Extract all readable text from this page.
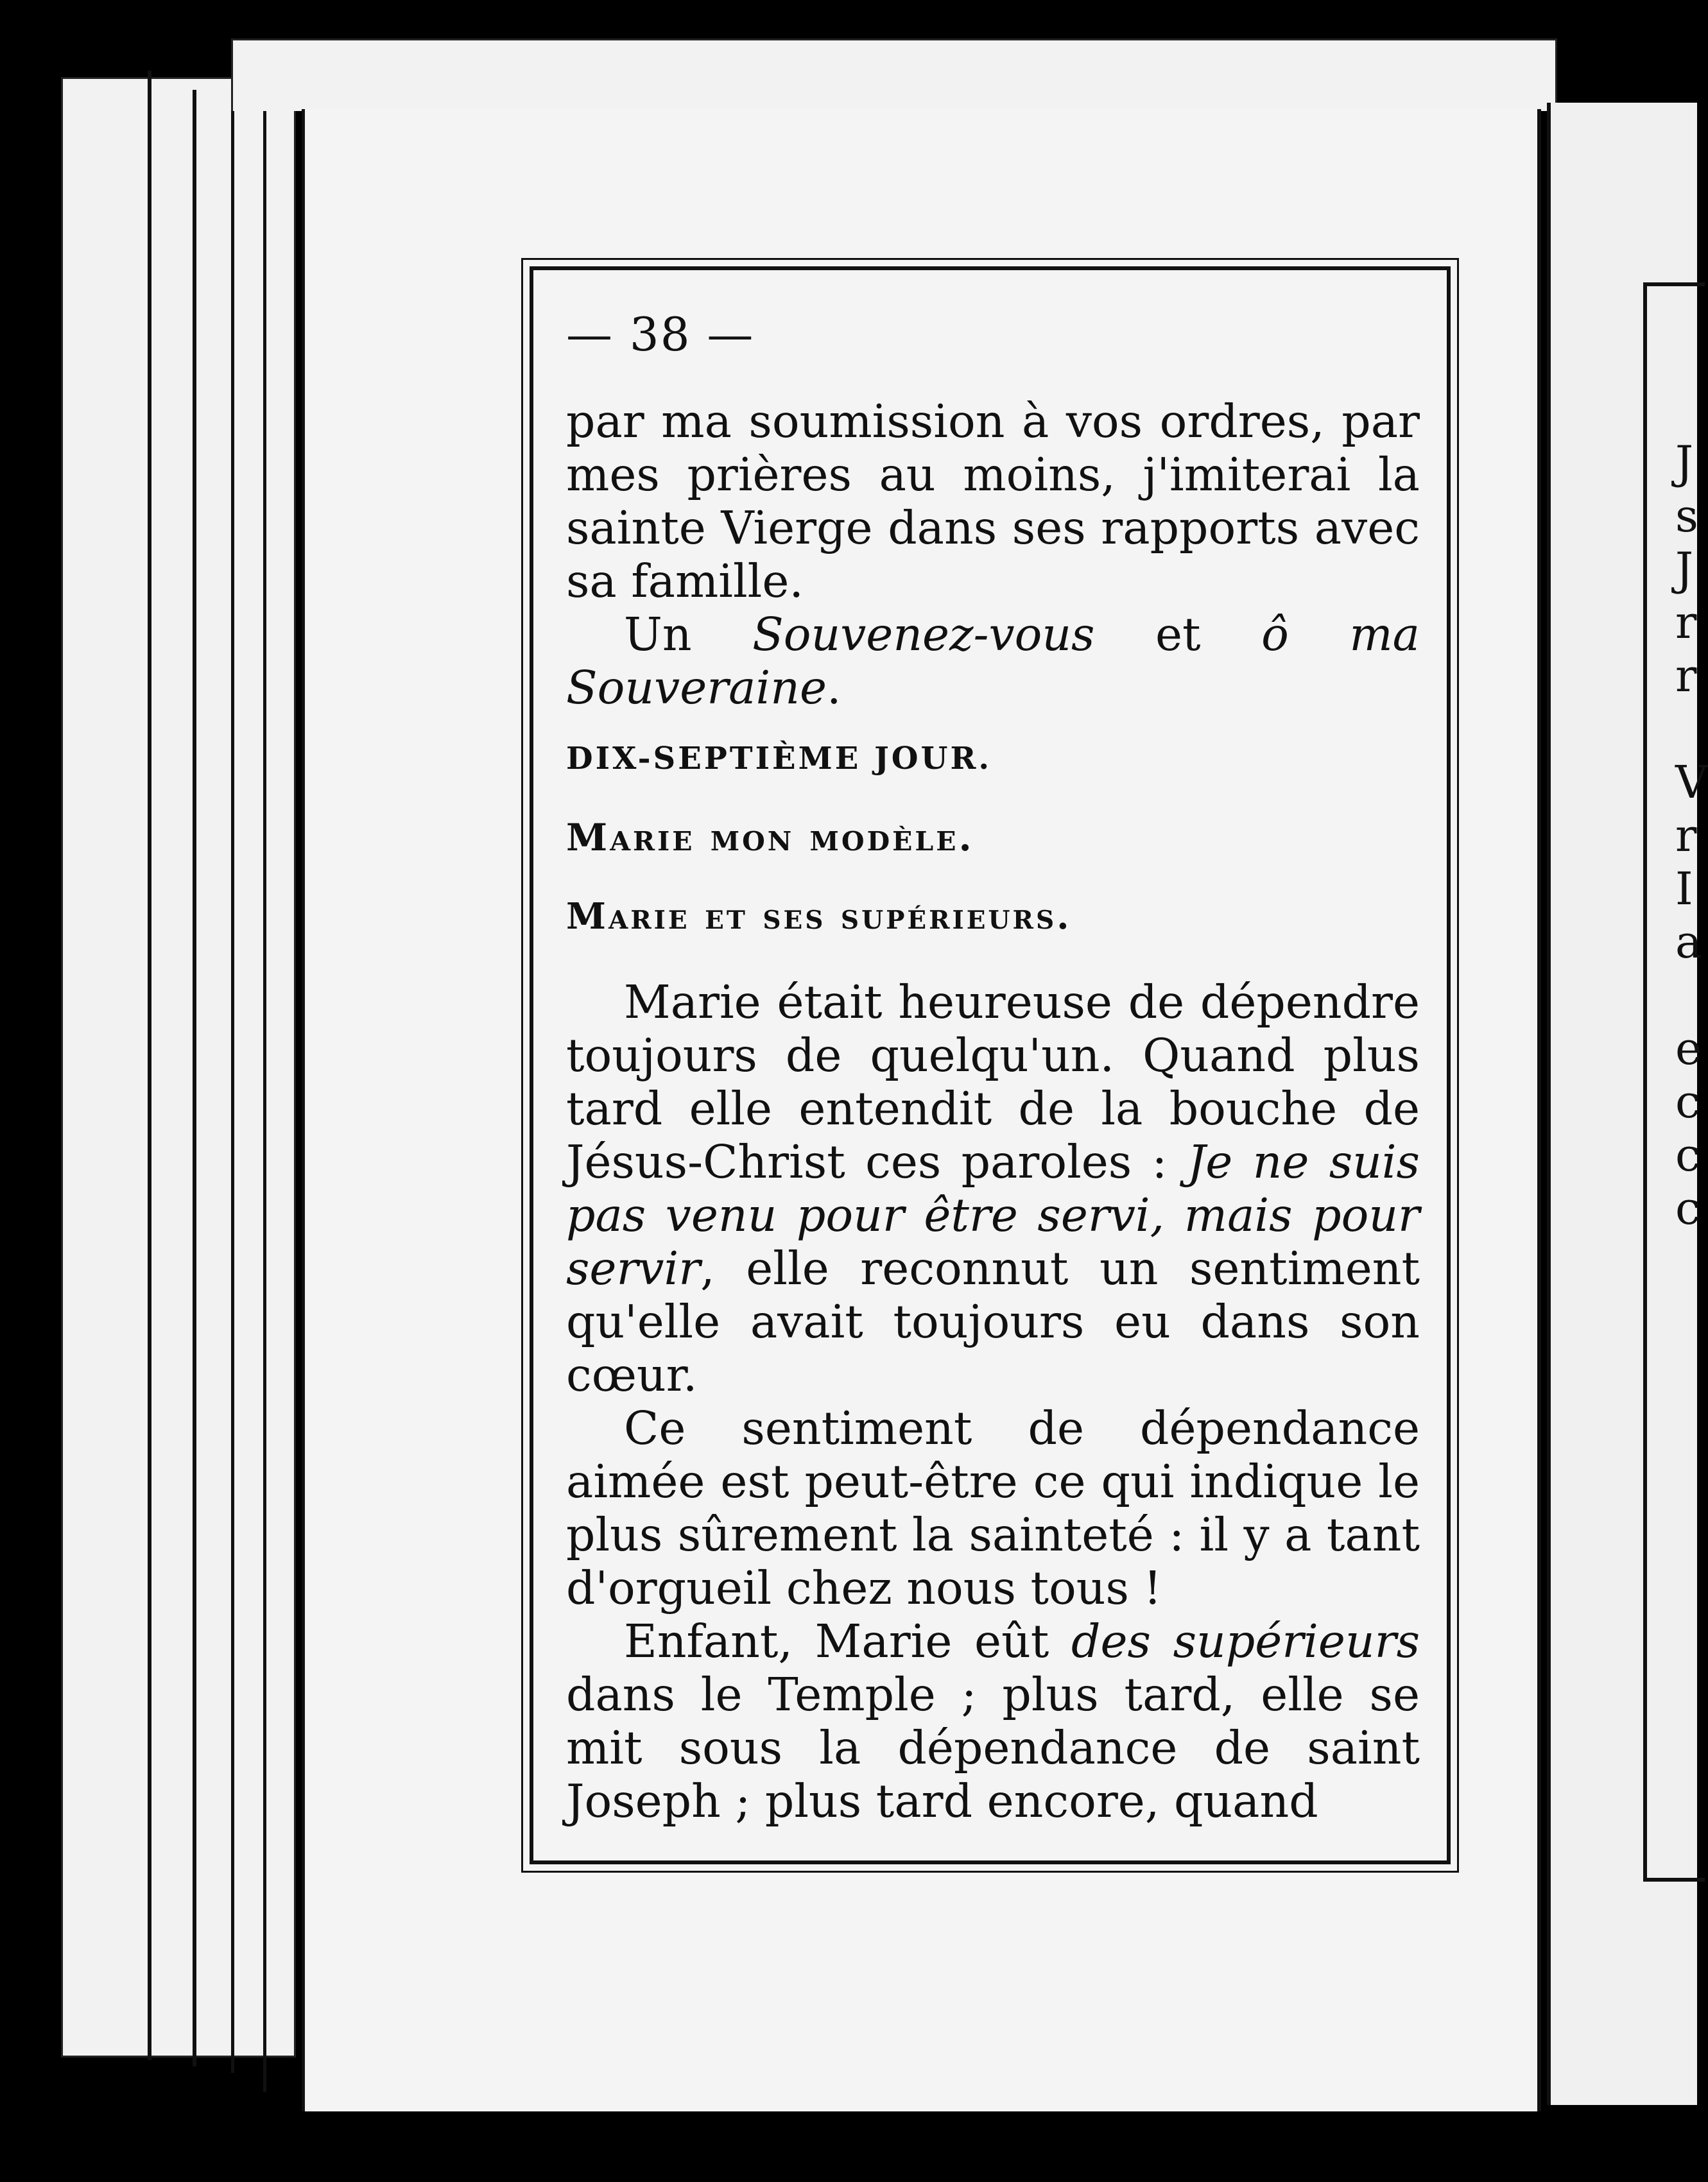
— 38 —

par ma soumission à vos ordres, par mes prières au moins, j'imiterai la sainte Vierge dans ses rapports avec sa famille.

Un Souvenez-vous et ô ma Souveraine.

DIX-SEPTIÈME JOUR.

Marie mon modèle.

Marie et ses supérieurs.

Marie était heureuse de dépendre toujours de quelqu'un. Quand plus tard elle entendit de la bouche de Jésus-Christ ces paroles : Je ne suis pas venu pour être servi, mais pour servir, elle reconnut un sentiment qu'elle avait toujours eu dans son cœur.

Ce sentiment de dépendance aimée est peut-être ce qui indique le plus sûrement la sainteté : il y a tant d'orgueil chez nous tous !

Enfant, Marie eût des supérieurs dans le Temple ; plus tard, elle se mit sous la dépendance de saint Joseph ; plus tard encore, quand

J
s
J
r
r

V
r
I
a

e
c
c
c
